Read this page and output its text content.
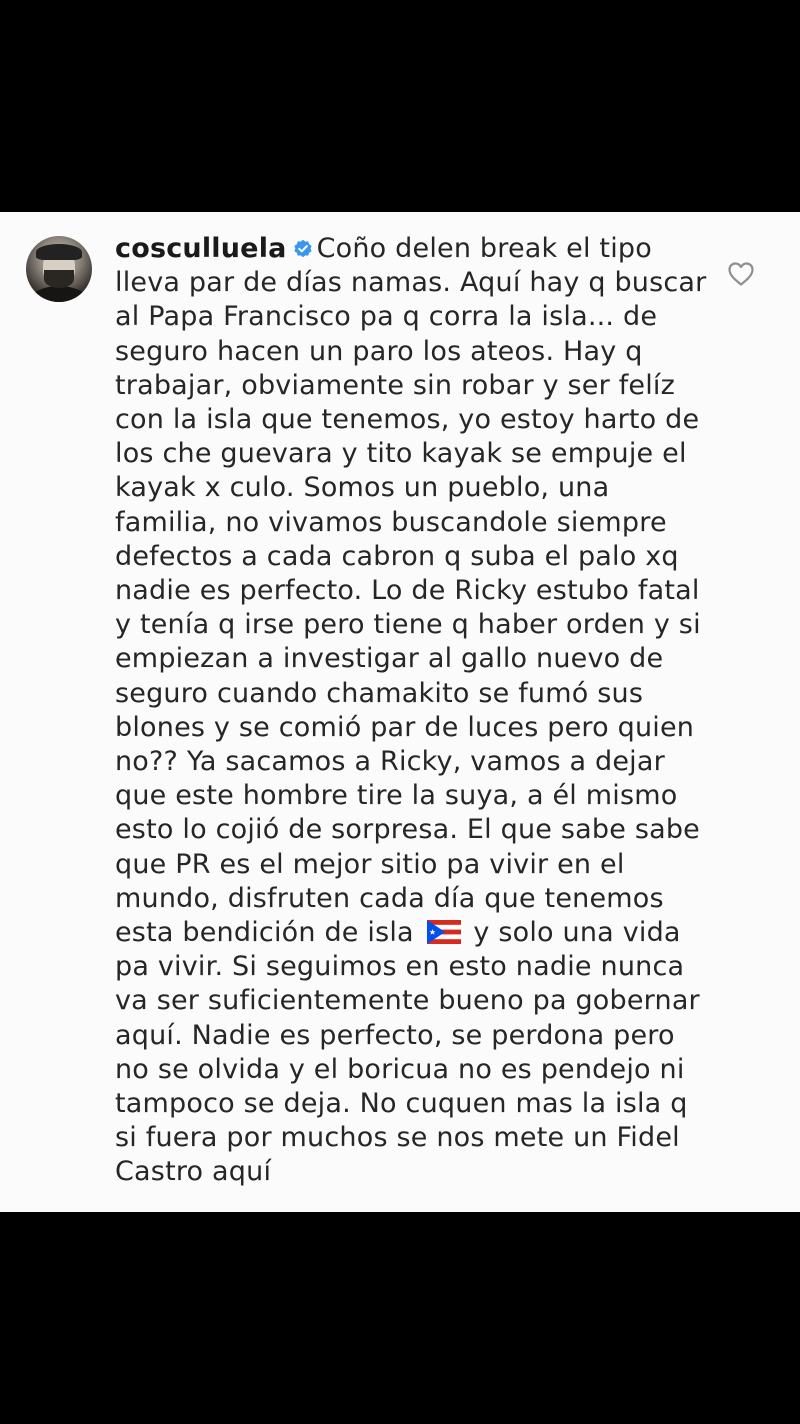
cosculluela Coño delen break el tipo lleva par de días namas. Aquí hay q buscar al Papa Francisco pa q corra la isla... de seguro hacen un paro los ateos. Hay q trabajar, obviamente sin robar y ser felíz con la isla que tenemos, yo estoy harto de los che guevara y tito kayak se empuje el kayak x culo. Somos un pueblo, una familia, no vivamos buscandole siempre defectos a cada cabron q suba el palo xq nadie es perfecto. Lo de Ricky estubo fatal y tenía q irse pero tiene q haber orden y si empiezan a investigar al gallo nuevo de seguro cuando chamakito se fumó sus blones y se comió par de luces pero quien no?? Ya sacamos a Ricky, vamos a dejar que este hombre tire la suya, a él mismo esto lo cojió de sorpresa. El que sabe sabe que PR es el mejor sitio pa vivir en el mundo, disfruten cada día que tenemos esta bendición de isla y solo una vida pa vivir. Si seguimos en esto nadie nunca va ser suficientemente bueno pa gobernar aquí. Nadie es perfecto, se perdona pero no se olvida y el boricua no es pendejo ni tampoco se deja. No cuquen mas la isla q si fuera por muchos se nos mete un Fidel Castro aquí
